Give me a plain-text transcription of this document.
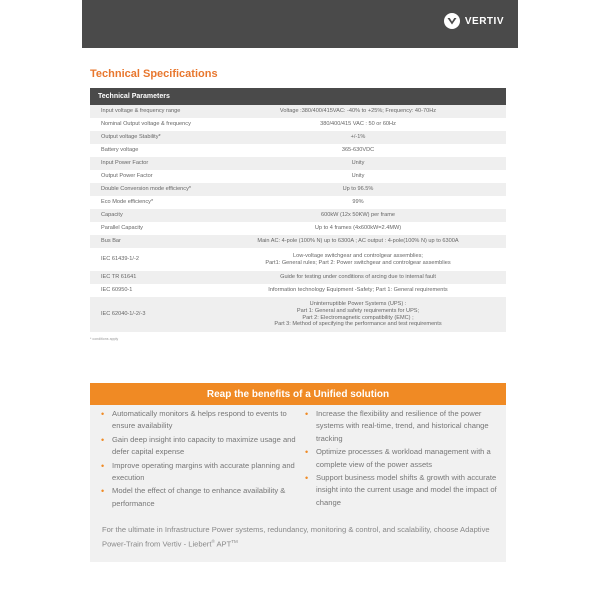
VERTIV
Technical Specifications
Technical Parameters	
Input voltage & frequency range	Voltage :380/400/415VAC: -40% to +25%; Frequency: 40-70Hz
Nominal Output voltage & frequency	380/400/415 VAC : 50 or 60Hz
Output voltage Stability*	+/-1%
Battery voltage	365-630VDC
Input Power Factor	Unity
Output Power Factor	Unity
Double Conversion mode efficiency*	Up to 96.5%
Eco Mode efficiency*	99%
Capacity	600kW (12x 50KW) per frame
Parallel Capacity	Up to 4 frames (4x600kW=2.4MW)
Bus Bar	Main AC: 4-pole (100% N) up to 6300A ; AC output : 4-pole(100% N) up to 6300A
IEC 61439-1/-2	Low-voltage switchgear and controlgear assemblies;
Part1: General rules; Part 2: Power switchgear and controlgear assemblies
IEC TR 61641	Guide for testing under conditions of arcing due to internal fault
IEC 60950-1	Information technology Equipment -Safety; Part 1: General requirements
IEC 62040-1/-2/-3	Uninterruptible Power Systems (UPS) :
Part 1: General and safety requirements for UPS;
Part 2: Electromagnetic compatibility (EMC) ;
Part 3: Method of specifying the performance and test requirements
* conditions apply
Reap the benefits of a Unified solution
• Automatically monitors & helps respond to events to ensure availability
• Gain deep insight into capacity to maximize usage and defer capital expense
• Improve operating margins with accurate planning and execution
• Model the effect of change to enhance availability & performance
• Increase the flexibility and resilience of the power systems with real-time, trend, and historical change tracking
• Optimize processes & workload management with a complete view of the power assets
• Support business model shifts & growth with accurate insight into the current usage and model the impact of change

For the ultimate in Infrastructure Power systems, redundancy, monitoring & control, and scalability, choose Adaptive Power-Train from Vertiv - Liebert® APT™
